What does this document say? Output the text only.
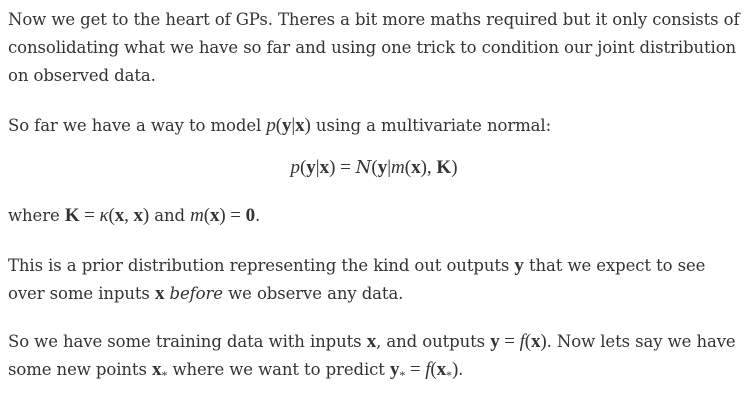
Now we get to the heart of GPs. Theres a bit more maths required but it only consists of consolidating what we have so far and using one trick to condition our joint distribution on observed data.

So far we have a way to model p(y|x) using a multivariate normal:

p(y|x) = N(y|m(x), K)

where K = κ(x, x) and m(x) = 0.

This is a prior distribution representing the kind out outputs y that we expect to see over some inputs x before we observe any data.

So we have some training data with inputs x, and outputs y = f(x). Now lets say we have some new points $x_*$ where we want to predict $y_* = f(x_*)$.
